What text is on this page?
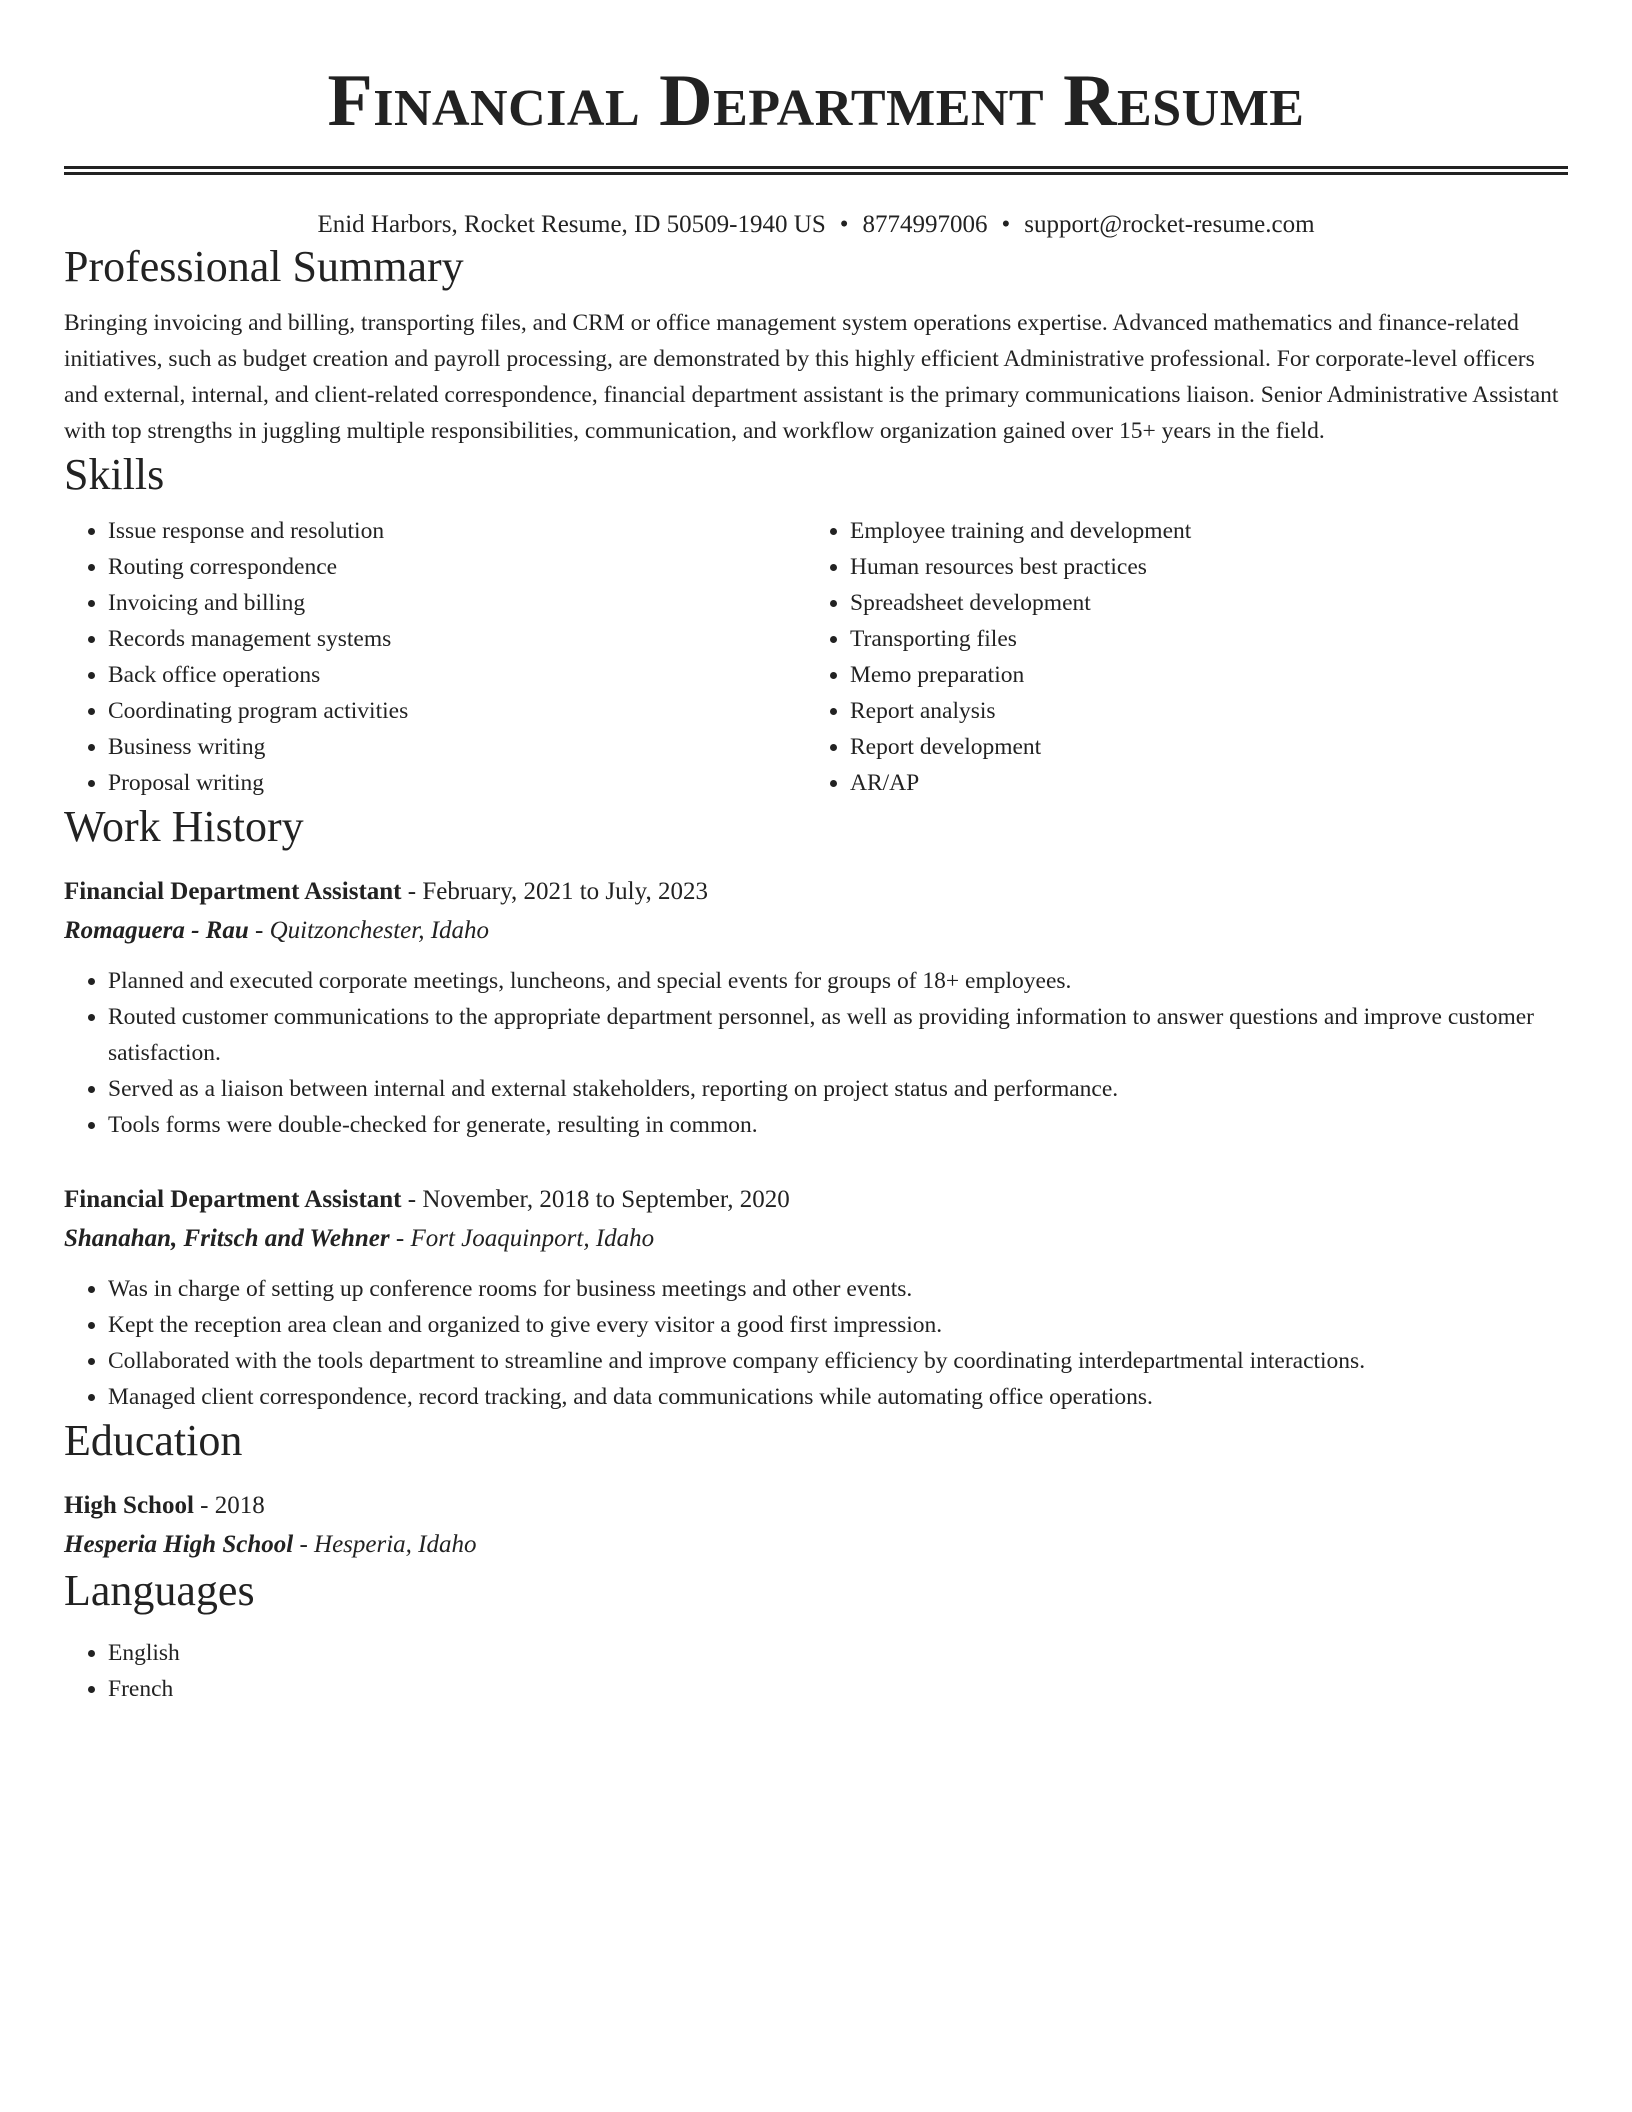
Financial Department Resume
Enid Harbors, Rocket Resume, ID 50509-1940 US • 8774997006 • support@rocket-resume.com
Professional Summary
Bringing invoicing and billing, transporting files, and CRM or office management system operations expertise. Advanced mathematics and finance-related initiatives, such as budget creation and payroll processing, are demonstrated by this highly efficient Administrative professional. For corporate-level officers and external, internal, and client-related correspondence, financial department assistant is the primary communications liaison. Senior Administrative Assistant with top strengths in juggling multiple responsibilities, communication, and workflow organization gained over 15+ years in the field.
Skills
• Issue response and resolution
• Routing correspondence
• Invoicing and billing
• Records management systems
• Back office operations
• Coordinating program activities
• Business writing
• Proposal writing
• Employee training and development
• Human resources best practices
• Spreadsheet development
• Transporting files
• Memo preparation
• Report analysis
• Report development
• AR/AP
Work History
Financial Department Assistant - February, 2021 to July, 2023
Romaguera - Rau - Quitzonchester, Idaho
• Planned and executed corporate meetings, luncheons, and special events for groups of 18+ employees.
• Routed customer communications to the appropriate department personnel, as well as providing information to answer questions and improve customer satisfaction.
• Served as a liaison between internal and external stakeholders, reporting on project status and performance.
• Tools forms were double-checked for generate, resulting in common.
Financial Department Assistant - November, 2018 to September, 2020
Shanahan, Fritsch and Wehner - Fort Joaquinport, Idaho
• Was in charge of setting up conference rooms for business meetings and other events.
• Kept the reception area clean and organized to give every visitor a good first impression.
• Collaborated with the tools department to streamline and improve company efficiency by coordinating interdepartmental interactions.
• Managed client correspondence, record tracking, and data communications while automating office operations.
Education
High School - 2018
Hesperia High School - Hesperia, Idaho
Languages
• English
• French
